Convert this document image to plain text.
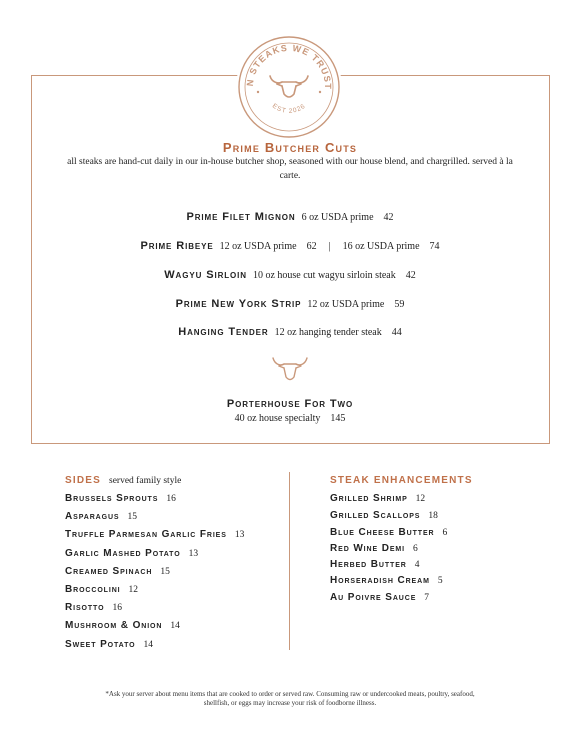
N STEAKS WE TRUST
EST 2026
Prime Butcher Cuts
all steaks are hand-cut daily in our in-house butcher shop, seasoned with our house blend, and chargrilled. served à la carte.
Prime Filet Mignon 6 oz USDA prime 42
Prime Ribeye 12 oz USDA prime 62 | 16 oz USDA prime 74
Wagyu Sirloin 10 oz house cut wagyu sirloin steak 42
Prime New York Strip 12 oz USDA prime 59
Hanging Tender 12 oz hanging tender steak 44
Porterhouse For Two
40 oz house specialty 145
SIDES served family style
Brussels Sprouts 16
Asparagus 15
Truffle Parmesan Garlic Fries 13
Garlic Mashed Potato 13
Creamed Spinach 15
Broccolini 12
Risotto 16
Mushroom & Onion 14
Sweet Potato 14
STEAK ENHANCEMENTS
Grilled Shrimp 12
Grilled Scallops 18
Blue Cheese Butter 6
Red Wine Demi 6
Herbed Butter 4
Horseradish Cream 5
Au Poivre Sauce 7
*Ask your server about menu items that are cooked to order or served raw. Consuming raw or undercooked meats, poultry, seafood, shellfish, or eggs may increase your risk of foodborne illness.
